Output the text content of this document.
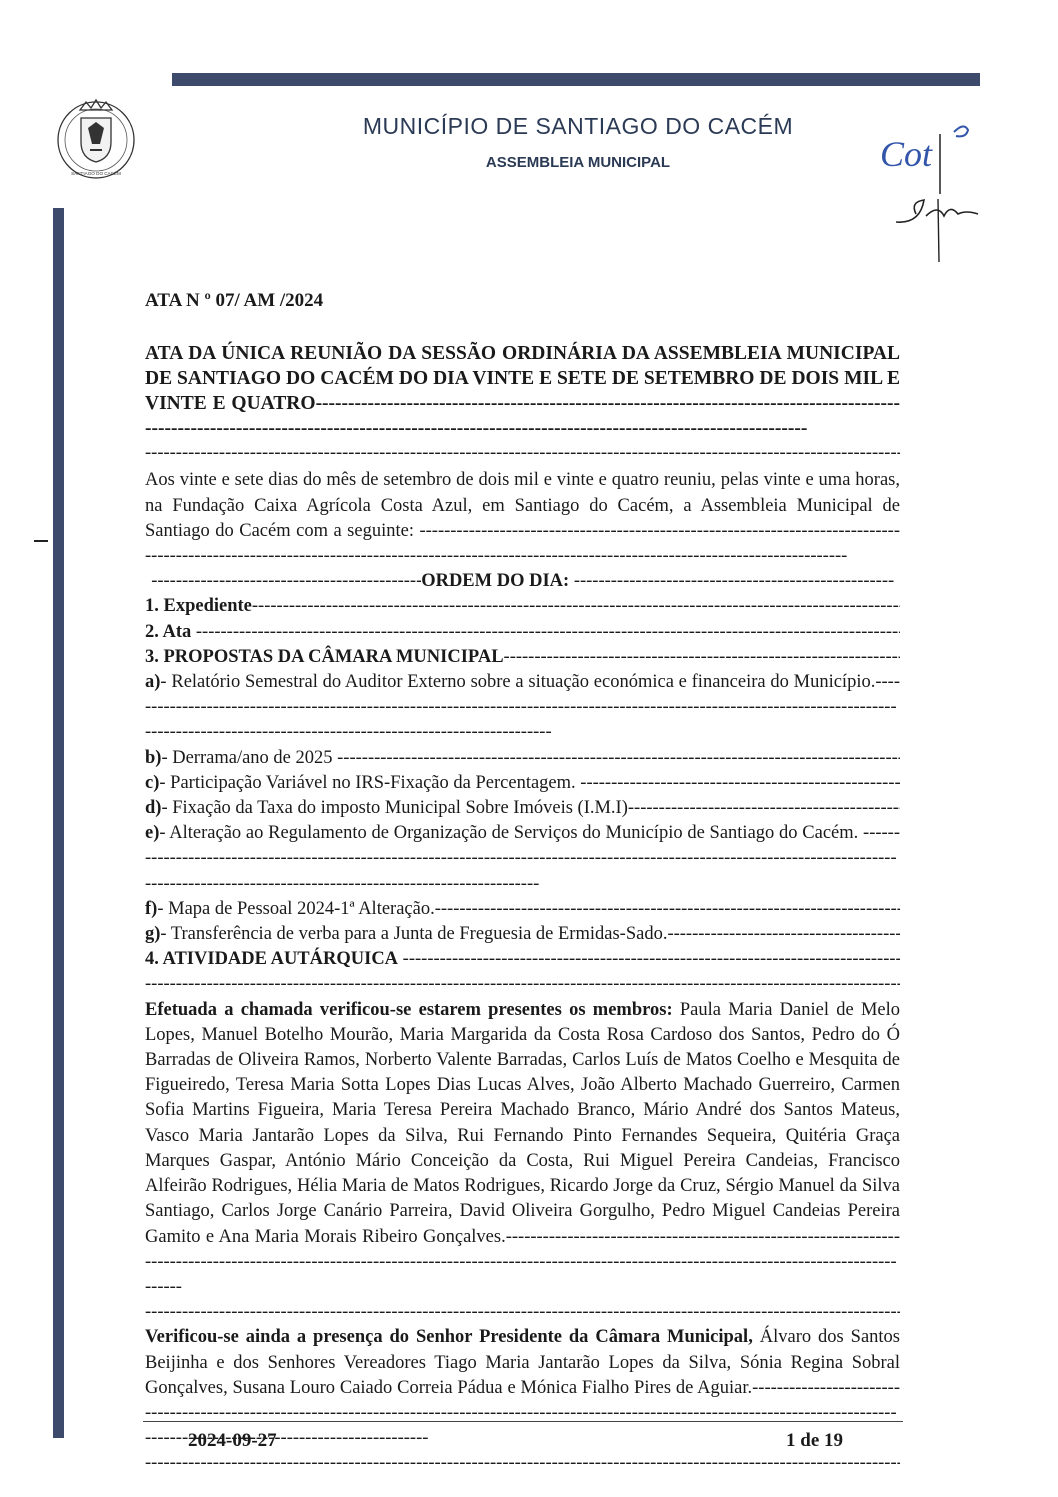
SANTIAGO DO CACÉM
MUNICÍPIO DE SANTIAGO DO CACÉM
ASSEMBLEIA MUNICIPAL	Cot
ATA N º 07/ AM /2024
ATA DA ÚNICA REUNIÃO DA SESSÃO ORDINÁRIA DA ASSEMBLEIA MUNICIPAL DE SANTIAGO DO CACÉM DO DIA VINTE E SETE DE SETEMBRO DE DOIS MIL E VINTE E QUATRO -----
-----
Aos vinte e sete dias do mês de setembro de dois mil e vinte e quatro reuniu, pelas vinte e uma horas, na Fundação Caixa Agrícola Costa Azul, em Santiago do Cacém, a Assembleia Municipal de Santiago do Cacém com a seguinte: -----
-----ORDEM DO DIA: -----
1. Expediente -----
2. Ata -----
3. PROPOSTAS DA CÂMARA MUNICIPAL -----
a)- Relatório Semestral do Auditor Externo sobre a situação económica e financeira do Município. -----
b)- Derrama/ano de 2025 -----
c)- Participação Variável no IRS-Fixação da Percentagem. -----
d)- Fixação da Taxa do imposto Municipal Sobre Imóveis (I.M.I) -----
e)- Alteração ao Regulamento de Organização de Serviços do Município de Santiago do Cacém. -----
f)- Mapa de Pessoal 2024-1ª Alteração. -----
g)- Transferência de verba para a Junta de Freguesia de Ermidas-Sado. -----
4. ATIVIDADE AUTÁRQUICA -----
-----
Efetuada a chamada verificou-se estarem presentes os membros: Paula Maria Daniel de Melo Lopes, Manuel Botelho Mourão, Maria Margarida da Costa Rosa Cardoso dos Santos, Pedro do Ó Barradas de Oliveira Ramos, Norberto Valente Barradas, Carlos Luís de Matos Coelho e Mesquita de Figueiredo, Teresa Maria Sotta Lopes Dias Lucas Alves, João Alberto Machado Guerreiro, Carmen Sofia Martins Figueira, Maria Teresa Pereira Machado Branco, Mário André dos Santos Mateus, Vasco Maria Jantarão Lopes da Silva, Rui Fernando Pinto Fernandes Sequeira, Quitéria Graça Marques Gaspar, António Mário Conceição da Costa, Rui Miguel Pereira Candeias, Francisco Alfeirão Rodrigues, Hélia Maria de Matos Rodrigues, Ricardo Jorge da Cruz, Sérgio Manuel da Silva Santiago, Carlos Jorge Canário Parreira, David Oliveira Gorgulho, Pedro Miguel Candeias Pereira Gamito e Ana Maria Morais Ribeiro Gonçalves. -----
-----
Verificou-se ainda a presença do Senhor Presidente da Câmara Municipal, Álvaro dos Santos Beijinha e dos Senhores Vereadores Tiago Maria Jantarão Lopes da Silva, Sónia Regina Sobral Gonçalves, Susana Louro Caiado Correia Pádua e Mónica Fialho Pires de Aguiar. -----
-----
2024-09-27	1 de 19
